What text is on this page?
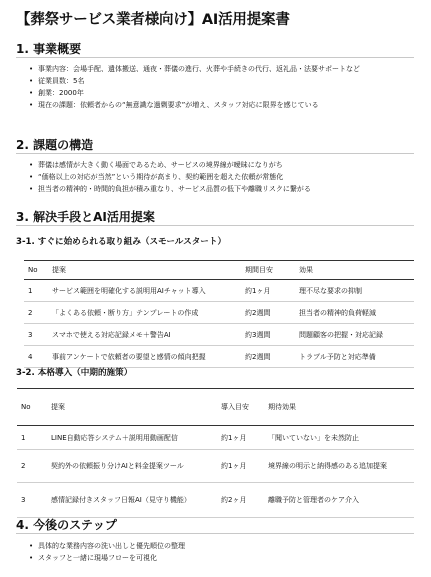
【葬祭サービス業者様向け】AI活用提案書
1. 事業概要
• 事業内容：会場手配、遺体搬送、通夜・葬儀の進行、火葬や手続きの代行、返礼品・法要サポートなど
• 従業員数：5名
• 創業：2000年
• 現在の課題：依頼者からの“無意識な過剰要求”が増え、スタッフ対応に限界を感じている
2. 課題の構造
• 葬儀は感情が大きく動く場面であるため、サービスの境界線が曖昧になりがち
• “価格以上の対応が当然”という期待が高まり、契約範囲を超えた依頼が常態化
• 担当者の精神的・時間的負担が積み重なり、サービス品質の低下や離職リスクに繋がる
3. 解決手段とAI活用提案
3-1. すぐに始められる取り組み（スモールスタート）
No	提案	期間目安	効果
1	サービス範囲を明確化する説明用AIチャット導入	約1ヶ月	理不尽な要求の抑制
2	「よくある依頼・断り方」テンプレートの作成	約2週間	担当者の精神的負荷軽減
3	スマホで使える対応記録メモ＋警告AI	約3週間	問題顧客の把握・対応記録
4	事前アンケートで依頼者の要望と感情の傾向把握	約2週間	トラブル予防と対応準備
3-2. 本格導入（中期的施策）
No	提案	導入目安	期待効果
1	LINE自動応答システム＋説明用動画配信	約1ヶ月	「聞いていない」を未然防止
2	契約外の依頼振り分けAIと料金提案ツール	約1ヶ月	境界線の明示と納得感のある追加提案
3	感情記録付きスタッフ日報AI（見守り機能）	約2ヶ月	離職予防と管理者のケア介入
4. 今後のステップ
• 具体的な業務内容の洗い出しと優先順位の整理
• スタッフと一緒に現場フローを可視化
